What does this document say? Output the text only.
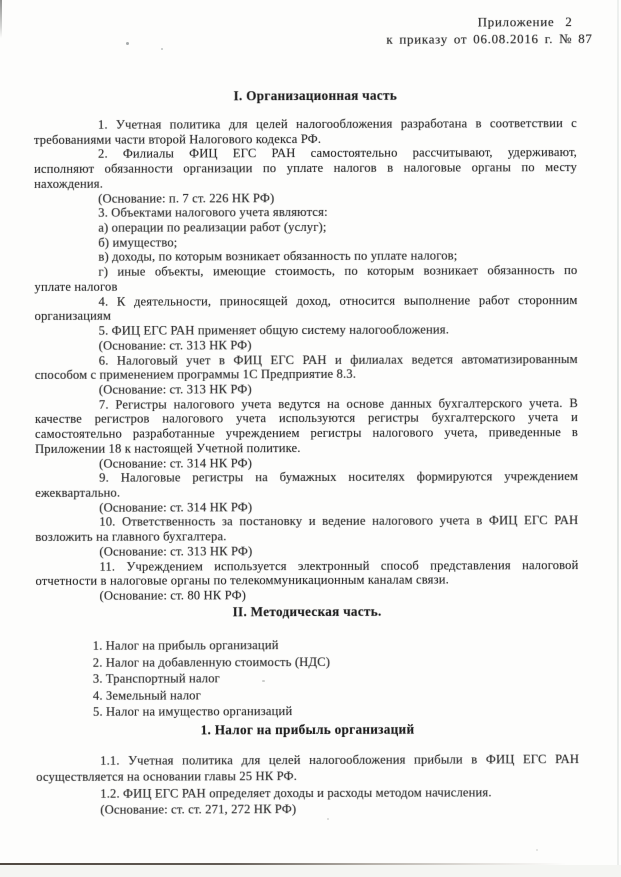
Приложение 2
к приказу от 06.08.2016 г. № 87
I. Организационная часть
1. Учетная политика для целей налогообложения разработана в соответствии с
требованиями части второй Налогового кодекса РФ.
2. Филиалы ФИЦ ЕГС РАН самостоятельно рассчитывают, удерживают,
исполняют обязанности организации по уплате налогов в налоговые органы по месту
нахождения.
(Основание: п. 7 ст. 226 НК РФ)
3. Объектами налогового учета являются:
а) операции по реализации работ (услуг);
б) имущество;
в) доходы, по которым возникает обязанность по уплате налогов;
г) иные объекты, имеющие стоимость, по которым возникает обязанность по
уплате налогов
4. К деятельности, приносящей доход, относится выполнение работ сторонним
организациям
5. ФИЦ ЕГС РАН применяет общую систему налогообложения.
(Основание: ст. 313 НК РФ)
6. Налоговый учет в ФИЦ ЕГС РАН и филиалах ведется автоматизированным
способом с применением программы 1С Предприятие 8.3.
(Основание: ст. 313 НК РФ)
7. Регистры налогового учета ведутся на основе данных бухгалтерского учета. В
качестве регистров налогового учета используются регистры бухгалтерского учета и
самостоятельно разработанные учреждением регистры налогового учета, приведенные в
Приложении 18 к настоящей Учетной политике.
(Основание: ст. 314 НК РФ)
9. Налоговые регистры на бумажных носителях формируются учреждением
ежеквартально.
(Основание: ст. 314 НК РФ)
10. Ответственность за постановку и ведение налогового учета в ФИЦ ЕГС РАН
возложить на главного бухгалтера.
(Основание: ст. 313 НК РФ)
11. Учреждением используется электронный способ представления налоговой
отчетности в налоговые органы по телекоммуникационным каналам связи.
(Основание: ст. 80 НК РФ)
II. Методическая часть.
1. Налог на прибыль организаций
2. Налог на добавленную стоимость (НДС)
3. Транспортный налог
4. Земельный налог
5. Налог на имущество организаций
1. Налог на прибыль организаций
1.1. Учетная политика для целей налогообложения прибыли в ФИЦ ЕГС РАН
осуществляется на основании главы 25 НК РФ.
1.2. ФИЦ ЕГС РАН определяет доходы и расходы методом начисления.
(Основание: ст. ст. 271, 272 НК РФ)
